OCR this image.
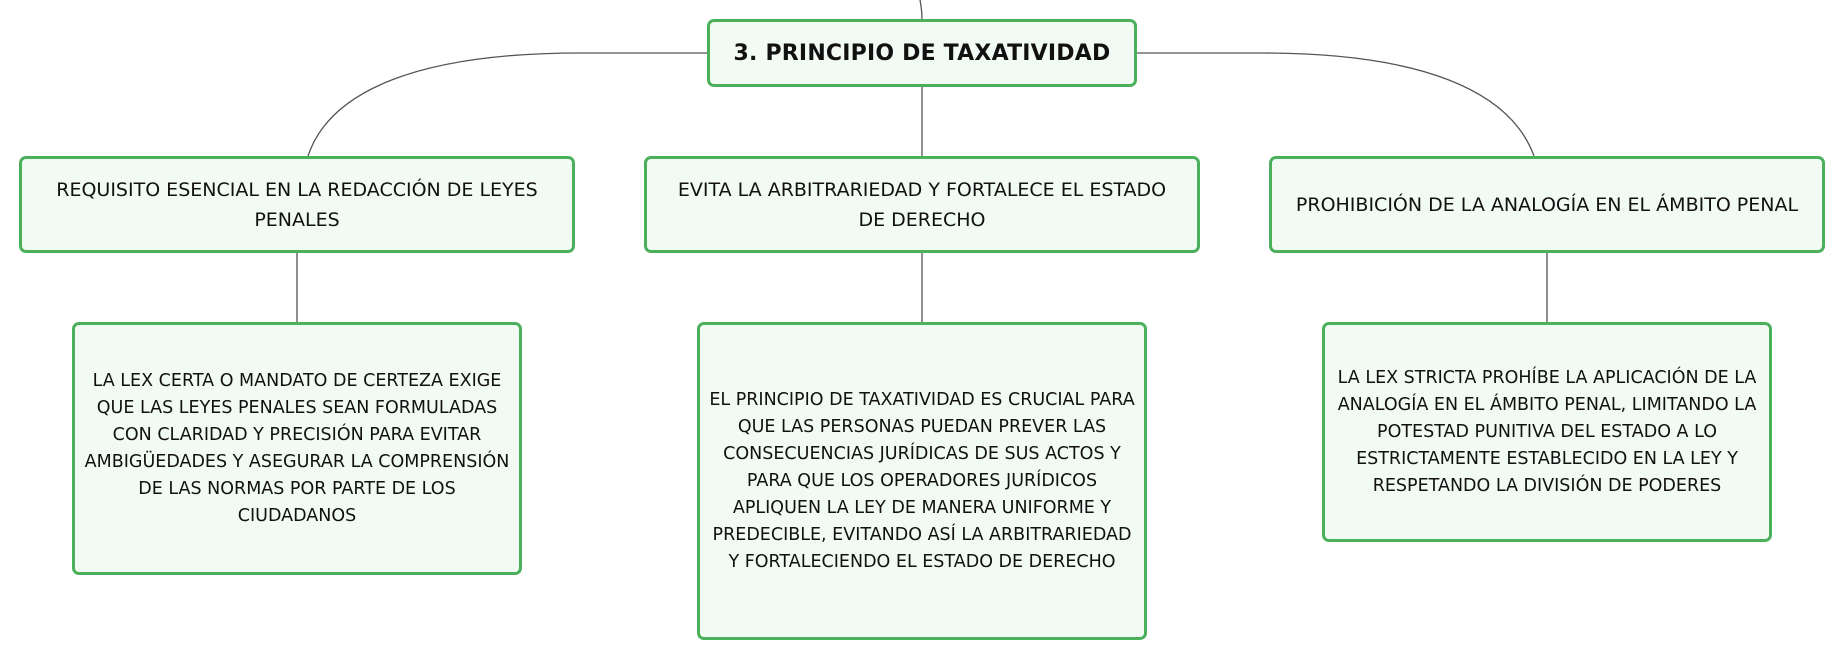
3. PRINCIPIO DE TAXATIVIDAD
REQUISITO ESENCIAL EN LA REDACCIÓN DE LEYES PENALES
EVITA LA ARBITRARIEDAD Y FORTALECE EL ESTADO DE DERECHO
PROHIBICIÓN DE LA ANALOGÍA EN EL ÁMBITO PENAL
LA LEX CERTA O MANDATO DE CERTEZA EXIGE QUE LAS LEYES PENALES SEAN FORMULADAS CON CLARIDAD Y PRECISIÓN PARA EVITAR AMBIGÜEDADES Y ASEGURAR LA COMPRENSIÓN DE LAS NORMAS POR PARTE DE LOS CIUDADANOS
EL PRINCIPIO DE TAXATIVIDAD ES CRUCIAL PARA QUE LAS PERSONAS PUEDAN PREVER LAS CONSECUENCIAS JURÍDICAS DE SUS ACTOS Y PARA QUE LOS OPERADORES JURÍDICOS APLIQUEN LA LEY DE MANERA UNIFORME Y PREDECIBLE, EVITANDO ASÍ LA ARBITRARIEDAD Y FORTALECIENDO EL ESTADO DE DERECHO
LA LEX STRICTA PROHÍBE LA APLICACIÓN DE LA ANALOGÍA EN EL ÁMBITO PENAL, LIMITANDO LA POTESTAD PUNITIVA DEL ESTADO A LO ESTRICTAMENTE ESTABLECIDO EN LA LEY Y RESPETANDO LA DIVISIÓN DE PODERES
